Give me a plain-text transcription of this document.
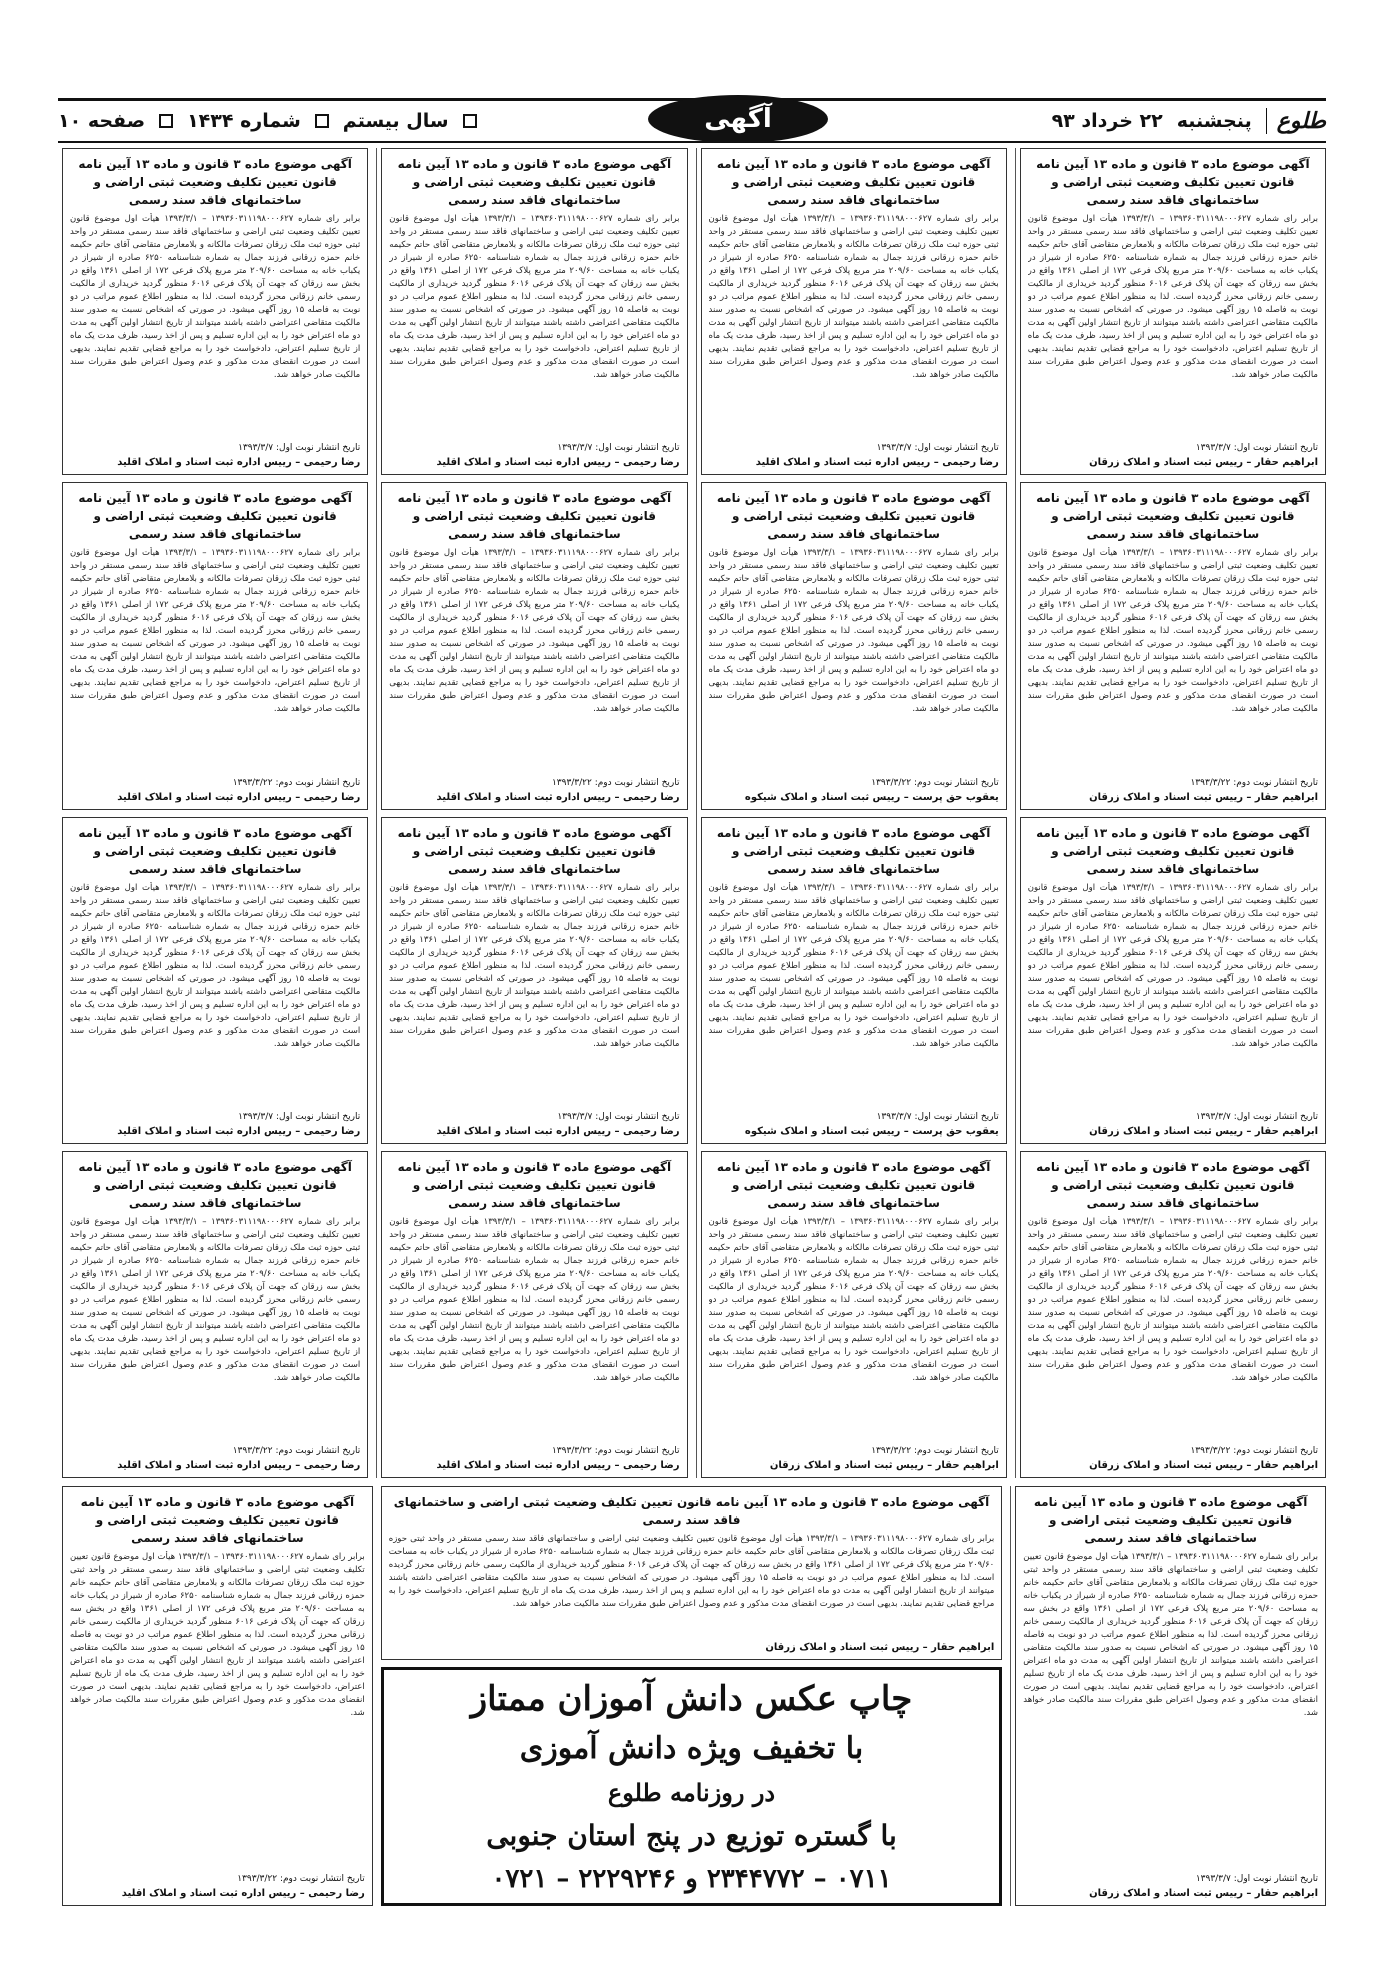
طلوع
پنجشنبه
۲۲ خرداد ۹۳
آگهی
سال بیستم
شماره ۱۴۳۴
صفحه ۱۰
آگهی موضوع ماده ۳ قانون و ماده ۱۳ آیین نامه قانون تعیین تکلیف وضعیت ثبتی اراضی و ساختمانهای فاقد سند رسمی
برابر رای شماره ۱۳۹۳۶۰۳۱۱۱۹۸۰۰۰۶۲۷ – ۱۳۹۳/۳/۱ هیأت اول موضوع قانون تعیین تکلیف وضعیت ثبتی اراضی و ساختمانهای فاقد سند رسمی مستقر در واحد ثبتی حوزه ثبت ملک زرقان تصرفات مالکانه و بلامعارض متقاضی آقای حاتم حکیمه خانم حمزه زرقانی فرزند جمال به شماره شناسنامه ۶۲۵۰ صادره از شیراز در یکباب خانه به مساحت ۲۰۹/۶۰ متر مربع پلاک فرعی ۱۷۲ از اصلی ۱۳۶۱ واقع در بخش سه زرقان که جهت آن پلاک فرعی ۶۰۱۶ منظور گردید خریداری از مالکیت رسمی خانم زرقانی محرز گردیده است. لذا به منظور اطلاع عموم مراتب در دو نوبت به فاصله ۱۵ روز آگهی میشود. در صورتی که اشخاص نسبت به صدور سند مالکیت متقاضی اعتراضی داشته باشند میتوانند از تاریخ انتشار اولین آگهی به مدت دو ماه اعتراض خود را به این اداره تسلیم و پس از اخذ رسید، ظرف مدت یک ماه از تاریخ تسلیم اعتراض، دادخواست خود را به مراجع قضایی تقدیم نمایند. بدیهی است در صورت انقضای مدت مذکور و عدم وصول اعتراض طبق مقررات سند مالکیت صادر خواهد شد.
تاریخ انتشار نوبت اول: ۱۳۹۳/۳/۷
ابراهیم حقار – رییس ثبت اسناد و املاک زرقان
آگهی موضوع ماده ۳ قانون و ماده ۱۳ آیین نامه قانون تعیین تکلیف وضعیت ثبتی اراضی و ساختمانهای فاقد سند رسمی
برابر رای شماره ۱۳۹۳۶۰۳۱۱۱۹۸۰۰۰۶۲۷ – ۱۳۹۳/۳/۱ هیأت اول موضوع قانون تعیین تکلیف وضعیت ثبتی اراضی و ساختمانهای فاقد سند رسمی مستقر در واحد ثبتی حوزه ثبت ملک زرقان تصرفات مالکانه و بلامعارض متقاضی آقای حاتم حکیمه خانم حمزه زرقانی فرزند جمال به شماره شناسنامه ۶۲۵۰ صادره از شیراز در یکباب خانه به مساحت ۲۰۹/۶۰ متر مربع پلاک فرعی ۱۷۲ از اصلی ۱۳۶۱ واقع در بخش سه زرقان که جهت آن پلاک فرعی ۶۰۱۶ منظور گردید خریداری از مالکیت رسمی خانم زرقانی محرز گردیده است. لذا به منظور اطلاع عموم مراتب در دو نوبت به فاصله ۱۵ روز آگهی میشود. در صورتی که اشخاص نسبت به صدور سند مالکیت متقاضی اعتراضی داشته باشند میتوانند از تاریخ انتشار اولین آگهی به مدت دو ماه اعتراض خود را به این اداره تسلیم و پس از اخذ رسید، ظرف مدت یک ماه از تاریخ تسلیم اعتراض، دادخواست خود را به مراجع قضایی تقدیم نمایند. بدیهی است در صورت انقضای مدت مذکور و عدم وصول اعتراض طبق مقررات سند مالکیت صادر خواهد شد.
تاریخ انتشار نوبت دوم: ۱۳۹۳/۳/۲۲
ابراهیم حقار – رییس ثبت اسناد و املاک زرقان
آگهی موضوع ماده ۳ قانون و ماده ۱۳ آیین نامه قانون تعیین تکلیف وضعیت ثبتی اراضی و ساختمانهای فاقد سند رسمی
برابر رای شماره ۱۳۹۳۶۰۳۱۱۱۹۸۰۰۰۶۲۷ – ۱۳۹۳/۳/۱ هیأت اول موضوع قانون تعیین تکلیف وضعیت ثبتی اراضی و ساختمانهای فاقد سند رسمی مستقر در واحد ثبتی حوزه ثبت ملک زرقان تصرفات مالکانه و بلامعارض متقاضی آقای حاتم حکیمه خانم حمزه زرقانی فرزند جمال به شماره شناسنامه ۶۲۵۰ صادره از شیراز در یکباب خانه به مساحت ۲۰۹/۶۰ متر مربع پلاک فرعی ۱۷۲ از اصلی ۱۳۶۱ واقع در بخش سه زرقان که جهت آن پلاک فرعی ۶۰۱۶ منظور گردید خریداری از مالکیت رسمی خانم زرقانی محرز گردیده است. لذا به منظور اطلاع عموم مراتب در دو نوبت به فاصله ۱۵ روز آگهی میشود. در صورتی که اشخاص نسبت به صدور سند مالکیت متقاضی اعتراضی داشته باشند میتوانند از تاریخ انتشار اولین آگهی به مدت دو ماه اعتراض خود را به این اداره تسلیم و پس از اخذ رسید، ظرف مدت یک ماه از تاریخ تسلیم اعتراض، دادخواست خود را به مراجع قضایی تقدیم نمایند. بدیهی است در صورت انقضای مدت مذکور و عدم وصول اعتراض طبق مقررات سند مالکیت صادر خواهد شد.
تاریخ انتشار نوبت اول: ۱۳۹۳/۳/۷
ابراهیم حقار – رییس ثبت اسناد و املاک زرقان
آگهی موضوع ماده ۳ قانون و ماده ۱۳ آیین نامه قانون تعیین تکلیف وضعیت ثبتی اراضی و ساختمانهای فاقد سند رسمی
برابر رای شماره ۱۳۹۳۶۰۳۱۱۱۹۸۰۰۰۶۲۷ – ۱۳۹۳/۳/۱ هیأت اول موضوع قانون تعیین تکلیف وضعیت ثبتی اراضی و ساختمانهای فاقد سند رسمی مستقر در واحد ثبتی حوزه ثبت ملک زرقان تصرفات مالکانه و بلامعارض متقاضی آقای حاتم حکیمه خانم حمزه زرقانی فرزند جمال به شماره شناسنامه ۶۲۵۰ صادره از شیراز در یکباب خانه به مساحت ۲۰۹/۶۰ متر مربع پلاک فرعی ۱۷۲ از اصلی ۱۳۶۱ واقع در بخش سه زرقان که جهت آن پلاک فرعی ۶۰۱۶ منظور گردید خریداری از مالکیت رسمی خانم زرقانی محرز گردیده است. لذا به منظور اطلاع عموم مراتب در دو نوبت به فاصله ۱۵ روز آگهی میشود. در صورتی که اشخاص نسبت به صدور سند مالکیت متقاضی اعتراضی داشته باشند میتوانند از تاریخ انتشار اولین آگهی به مدت دو ماه اعتراض خود را به این اداره تسلیم و پس از اخذ رسید، ظرف مدت یک ماه از تاریخ تسلیم اعتراض، دادخواست خود را به مراجع قضایی تقدیم نمایند. بدیهی است در صورت انقضای مدت مذکور و عدم وصول اعتراض طبق مقررات سند مالکیت صادر خواهد شد.
تاریخ انتشار نوبت دوم: ۱۳۹۳/۳/۲۲
ابراهیم حقار – رییس ثبت اسناد و املاک زرقان
آگهی موضوع ماده ۳ قانون و ماده ۱۳ آیین نامه قانون تعیین تکلیف وضعیت ثبتی اراضی و ساختمانهای فاقد سند رسمی
برابر رای شماره ۱۳۹۳۶۰۳۱۱۱۹۸۰۰۰۶۲۷ – ۱۳۹۳/۳/۱ هیأت اول موضوع قانون تعیین تکلیف وضعیت ثبتی اراضی و ساختمانهای فاقد سند رسمی مستقر در واحد ثبتی حوزه ثبت ملک زرقان تصرفات مالکانه و بلامعارض متقاضی آقای حاتم حکیمه خانم حمزه زرقانی فرزند جمال به شماره شناسنامه ۶۲۵۰ صادره از شیراز در یکباب خانه به مساحت ۲۰۹/۶۰ متر مربع پلاک فرعی ۱۷۲ از اصلی ۱۳۶۱ واقع در بخش سه زرقان که جهت آن پلاک فرعی ۶۰۱۶ منظور گردید خریداری از مالکیت رسمی خانم زرقانی محرز گردیده است. لذا به منظور اطلاع عموم مراتب در دو نوبت به فاصله ۱۵ روز آگهی میشود. در صورتی که اشخاص نسبت به صدور سند مالکیت متقاضی اعتراضی داشته باشند میتوانند از تاریخ انتشار اولین آگهی به مدت دو ماه اعتراض خود را به این اداره تسلیم و پس از اخذ رسید، ظرف مدت یک ماه از تاریخ تسلیم اعتراض، دادخواست خود را به مراجع قضایی تقدیم نمایند. بدیهی است در صورت انقضای مدت مذکور و عدم وصول اعتراض طبق مقررات سند مالکیت صادر خواهد شد.
تاریخ انتشار نوبت اول: ۱۳۹۳/۳/۷
رضا رحیمی – رییس اداره ثبت اسناد و املاک اقلید
آگهی موضوع ماده ۳ قانون و ماده ۱۳ آیین نامه قانون تعیین تکلیف وضعیت ثبتی اراضی و ساختمانهای فاقد سند رسمی
برابر رای شماره ۱۳۹۳۶۰۳۱۱۱۹۸۰۰۰۶۲۷ – ۱۳۹۳/۳/۱ هیأت اول موضوع قانون تعیین تکلیف وضعیت ثبتی اراضی و ساختمانهای فاقد سند رسمی مستقر در واحد ثبتی حوزه ثبت ملک زرقان تصرفات مالکانه و بلامعارض متقاضی آقای حاتم حکیمه خانم حمزه زرقانی فرزند جمال به شماره شناسنامه ۶۲۵۰ صادره از شیراز در یکباب خانه به مساحت ۲۰۹/۶۰ متر مربع پلاک فرعی ۱۷۲ از اصلی ۱۳۶۱ واقع در بخش سه زرقان که جهت آن پلاک فرعی ۶۰۱۶ منظور گردید خریداری از مالکیت رسمی خانم زرقانی محرز گردیده است. لذا به منظور اطلاع عموم مراتب در دو نوبت به فاصله ۱۵ روز آگهی میشود. در صورتی که اشخاص نسبت به صدور سند مالکیت متقاضی اعتراضی داشته باشند میتوانند از تاریخ انتشار اولین آگهی به مدت دو ماه اعتراض خود را به این اداره تسلیم و پس از اخذ رسید، ظرف مدت یک ماه از تاریخ تسلیم اعتراض، دادخواست خود را به مراجع قضایی تقدیم نمایند. بدیهی است در صورت انقضای مدت مذکور و عدم وصول اعتراض طبق مقررات سند مالکیت صادر خواهد شد.
تاریخ انتشار نوبت دوم: ۱۳۹۳/۳/۲۲
یعقوب حق پرست – رییس ثبت اسناد و املاک شیکوه
آگهی موضوع ماده ۳ قانون و ماده ۱۳ آیین نامه قانون تعیین تکلیف وضعیت ثبتی اراضی و ساختمانهای فاقد سند رسمی
برابر رای شماره ۱۳۹۳۶۰۳۱۱۱۹۸۰۰۰۶۲۷ – ۱۳۹۳/۳/۱ هیأت اول موضوع قانون تعیین تکلیف وضعیت ثبتی اراضی و ساختمانهای فاقد سند رسمی مستقر در واحد ثبتی حوزه ثبت ملک زرقان تصرفات مالکانه و بلامعارض متقاضی آقای حاتم حکیمه خانم حمزه زرقانی فرزند جمال به شماره شناسنامه ۶۲۵۰ صادره از شیراز در یکباب خانه به مساحت ۲۰۹/۶۰ متر مربع پلاک فرعی ۱۷۲ از اصلی ۱۳۶۱ واقع در بخش سه زرقان که جهت آن پلاک فرعی ۶۰۱۶ منظور گردید خریداری از مالکیت رسمی خانم زرقانی محرز گردیده است. لذا به منظور اطلاع عموم مراتب در دو نوبت به فاصله ۱۵ روز آگهی میشود. در صورتی که اشخاص نسبت به صدور سند مالکیت متقاضی اعتراضی داشته باشند میتوانند از تاریخ انتشار اولین آگهی به مدت دو ماه اعتراض خود را به این اداره تسلیم و پس از اخذ رسید، ظرف مدت یک ماه از تاریخ تسلیم اعتراض، دادخواست خود را به مراجع قضایی تقدیم نمایند. بدیهی است در صورت انقضای مدت مذکور و عدم وصول اعتراض طبق مقررات سند مالکیت صادر خواهد شد.
تاریخ انتشار نوبت اول: ۱۳۹۳/۳/۷
یعقوب حق پرست – رییس ثبت اسناد و املاک شیکوه
آگهی موضوع ماده ۳ قانون و ماده ۱۳ آیین نامه قانون تعیین تکلیف وضعیت ثبتی اراضی و ساختمانهای فاقد سند رسمی
برابر رای شماره ۱۳۹۳۶۰۳۱۱۱۹۸۰۰۰۶۲۷ – ۱۳۹۳/۳/۱ هیأت اول موضوع قانون تعیین تکلیف وضعیت ثبتی اراضی و ساختمانهای فاقد سند رسمی مستقر در واحد ثبتی حوزه ثبت ملک زرقان تصرفات مالکانه و بلامعارض متقاضی آقای حاتم حکیمه خانم حمزه زرقانی فرزند جمال به شماره شناسنامه ۶۲۵۰ صادره از شیراز در یکباب خانه به مساحت ۲۰۹/۶۰ متر مربع پلاک فرعی ۱۷۲ از اصلی ۱۳۶۱ واقع در بخش سه زرقان که جهت آن پلاک فرعی ۶۰۱۶ منظور گردید خریداری از مالکیت رسمی خانم زرقانی محرز گردیده است. لذا به منظور اطلاع عموم مراتب در دو نوبت به فاصله ۱۵ روز آگهی میشود. در صورتی که اشخاص نسبت به صدور سند مالکیت متقاضی اعتراضی داشته باشند میتوانند از تاریخ انتشار اولین آگهی به مدت دو ماه اعتراض خود را به این اداره تسلیم و پس از اخذ رسید، ظرف مدت یک ماه از تاریخ تسلیم اعتراض، دادخواست خود را به مراجع قضایی تقدیم نمایند. بدیهی است در صورت انقضای مدت مذکور و عدم وصول اعتراض طبق مقررات سند مالکیت صادر خواهد شد.
تاریخ انتشار نوبت دوم: ۱۳۹۳/۳/۲۲
ابراهیم حقار – رییس ثبت اسناد و املاک زرقان
آگهی موضوع ماده ۳ قانون و ماده ۱۳ آیین نامه قانون تعیین تکلیف وضعیت ثبتی اراضی و ساختمانهای فاقد سند رسمی
برابر رای شماره ۱۳۹۳۶۰۳۱۱۱۹۸۰۰۰۶۲۷ – ۱۳۹۳/۳/۱ هیأت اول موضوع قانون تعیین تکلیف وضعیت ثبتی اراضی و ساختمانهای فاقد سند رسمی مستقر در واحد ثبتی حوزه ثبت ملک زرقان تصرفات مالکانه و بلامعارض متقاضی آقای حاتم حکیمه خانم حمزه زرقانی فرزند جمال به شماره شناسنامه ۶۲۵۰ صادره از شیراز در یکباب خانه به مساحت ۲۰۹/۶۰ متر مربع پلاک فرعی ۱۷۲ از اصلی ۱۳۶۱ واقع در بخش سه زرقان که جهت آن پلاک فرعی ۶۰۱۶ منظور گردید خریداری از مالکیت رسمی خانم زرقانی محرز گردیده است. لذا به منظور اطلاع عموم مراتب در دو نوبت به فاصله ۱۵ روز آگهی میشود. در صورتی که اشخاص نسبت به صدور سند مالکیت متقاضی اعتراضی داشته باشند میتوانند از تاریخ انتشار اولین آگهی به مدت دو ماه اعتراض خود را به این اداره تسلیم و پس از اخذ رسید، ظرف مدت یک ماه از تاریخ تسلیم اعتراض، دادخواست خود را به مراجع قضایی تقدیم نمایند. بدیهی است در صورت انقضای مدت مذکور و عدم وصول اعتراض طبق مقررات سند مالکیت صادر خواهد شد.
تاریخ انتشار نوبت اول: ۱۳۹۳/۳/۷
رضا رحیمی – رییس اداره ثبت اسناد و املاک اقلید
آگهی موضوع ماده ۳ قانون و ماده ۱۳ آیین نامه قانون تعیین تکلیف وضعیت ثبتی اراضی و ساختمانهای فاقد سند رسمی
برابر رای شماره ۱۳۹۳۶۰۳۱۱۱۹۸۰۰۰۶۲۷ – ۱۳۹۳/۳/۱ هیأت اول موضوع قانون تعیین تکلیف وضعیت ثبتی اراضی و ساختمانهای فاقد سند رسمی مستقر در واحد ثبتی حوزه ثبت ملک زرقان تصرفات مالکانه و بلامعارض متقاضی آقای حاتم حکیمه خانم حمزه زرقانی فرزند جمال به شماره شناسنامه ۶۲۵۰ صادره از شیراز در یکباب خانه به مساحت ۲۰۹/۶۰ متر مربع پلاک فرعی ۱۷۲ از اصلی ۱۳۶۱ واقع در بخش سه زرقان که جهت آن پلاک فرعی ۶۰۱۶ منظور گردید خریداری از مالکیت رسمی خانم زرقانی محرز گردیده است. لذا به منظور اطلاع عموم مراتب در دو نوبت به فاصله ۱۵ روز آگهی میشود. در صورتی که اشخاص نسبت به صدور سند مالکیت متقاضی اعتراضی داشته باشند میتوانند از تاریخ انتشار اولین آگهی به مدت دو ماه اعتراض خود را به این اداره تسلیم و پس از اخذ رسید، ظرف مدت یک ماه از تاریخ تسلیم اعتراض، دادخواست خود را به مراجع قضایی تقدیم نمایند. بدیهی است در صورت انقضای مدت مذکور و عدم وصول اعتراض طبق مقررات سند مالکیت صادر خواهد شد.
تاریخ انتشار نوبت دوم: ۱۳۹۳/۳/۲۲
رضا رحیمی – رییس اداره ثبت اسناد و املاک اقلید
آگهی موضوع ماده ۳ قانون و ماده ۱۳ آیین نامه قانون تعیین تکلیف وضعیت ثبتی اراضی و ساختمانهای فاقد سند رسمی
برابر رای شماره ۱۳۹۳۶۰۳۱۱۱۹۸۰۰۰۶۲۷ – ۱۳۹۳/۳/۱ هیأت اول موضوع قانون تعیین تکلیف وضعیت ثبتی اراضی و ساختمانهای فاقد سند رسمی مستقر در واحد ثبتی حوزه ثبت ملک زرقان تصرفات مالکانه و بلامعارض متقاضی آقای حاتم حکیمه خانم حمزه زرقانی فرزند جمال به شماره شناسنامه ۶۲۵۰ صادره از شیراز در یکباب خانه به مساحت ۲۰۹/۶۰ متر مربع پلاک فرعی ۱۷۲ از اصلی ۱۳۶۱ واقع در بخش سه زرقان که جهت آن پلاک فرعی ۶۰۱۶ منظور گردید خریداری از مالکیت رسمی خانم زرقانی محرز گردیده است. لذا به منظور اطلاع عموم مراتب در دو نوبت به فاصله ۱۵ روز آگهی میشود. در صورتی که اشخاص نسبت به صدور سند مالکیت متقاضی اعتراضی داشته باشند میتوانند از تاریخ انتشار اولین آگهی به مدت دو ماه اعتراض خود را به این اداره تسلیم و پس از اخذ رسید، ظرف مدت یک ماه از تاریخ تسلیم اعتراض، دادخواست خود را به مراجع قضایی تقدیم نمایند. بدیهی است در صورت انقضای مدت مذکور و عدم وصول اعتراض طبق مقررات سند مالکیت صادر خواهد شد.
تاریخ انتشار نوبت اول: ۱۳۹۳/۳/۷
رضا رحیمی – رییس اداره ثبت اسناد و املاک اقلید
آگهی موضوع ماده ۳ قانون و ماده ۱۳ آیین نامه قانون تعیین تکلیف وضعیت ثبتی اراضی و ساختمانهای فاقد سند رسمی
برابر رای شماره ۱۳۹۳۶۰۳۱۱۱۹۸۰۰۰۶۲۷ – ۱۳۹۳/۳/۱ هیأت اول موضوع قانون تعیین تکلیف وضعیت ثبتی اراضی و ساختمانهای فاقد سند رسمی مستقر در واحد ثبتی حوزه ثبت ملک زرقان تصرفات مالکانه و بلامعارض متقاضی آقای حاتم حکیمه خانم حمزه زرقانی فرزند جمال به شماره شناسنامه ۶۲۵۰ صادره از شیراز در یکباب خانه به مساحت ۲۰۹/۶۰ متر مربع پلاک فرعی ۱۷۲ از اصلی ۱۳۶۱ واقع در بخش سه زرقان که جهت آن پلاک فرعی ۶۰۱۶ منظور گردید خریداری از مالکیت رسمی خانم زرقانی محرز گردیده است. لذا به منظور اطلاع عموم مراتب در دو نوبت به فاصله ۱۵ روز آگهی میشود. در صورتی که اشخاص نسبت به صدور سند مالکیت متقاضی اعتراضی داشته باشند میتوانند از تاریخ انتشار اولین آگهی به مدت دو ماه اعتراض خود را به این اداره تسلیم و پس از اخذ رسید، ظرف مدت یک ماه از تاریخ تسلیم اعتراض، دادخواست خود را به مراجع قضایی تقدیم نمایند. بدیهی است در صورت انقضای مدت مذکور و عدم وصول اعتراض طبق مقررات سند مالکیت صادر خواهد شد.
تاریخ انتشار نوبت دوم: ۱۳۹۳/۳/۲۲
رضا رحیمی – رییس اداره ثبت اسناد و املاک اقلید
آگهی موضوع ماده ۳ قانون و ماده ۱۳ آیین نامه قانون تعیین تکلیف وضعیت ثبتی اراضی و ساختمانهای فاقد سند رسمی
برابر رای شماره ۱۳۹۳۶۰۳۱۱۱۹۸۰۰۰۶۲۷ – ۱۳۹۳/۳/۱ هیأت اول موضوع قانون تعیین تکلیف وضعیت ثبتی اراضی و ساختمانهای فاقد سند رسمی مستقر در واحد ثبتی حوزه ثبت ملک زرقان تصرفات مالکانه و بلامعارض متقاضی آقای حاتم حکیمه خانم حمزه زرقانی فرزند جمال به شماره شناسنامه ۶۲۵۰ صادره از شیراز در یکباب خانه به مساحت ۲۰۹/۶۰ متر مربع پلاک فرعی ۱۷۲ از اصلی ۱۳۶۱ واقع در بخش سه زرقان که جهت آن پلاک فرعی ۶۰۱۶ منظور گردید خریداری از مالکیت رسمی خانم زرقانی محرز گردیده است. لذا به منظور اطلاع عموم مراتب در دو نوبت به فاصله ۱۵ روز آگهی میشود. در صورتی که اشخاص نسبت به صدور سند مالکیت متقاضی اعتراضی داشته باشند میتوانند از تاریخ انتشار اولین آگهی به مدت دو ماه اعتراض خود را به این اداره تسلیم و پس از اخذ رسید، ظرف مدت یک ماه از تاریخ تسلیم اعتراض، دادخواست خود را به مراجع قضایی تقدیم نمایند. بدیهی است در صورت انقضای مدت مذکور و عدم وصول اعتراض طبق مقررات سند مالکیت صادر خواهد شد.
تاریخ انتشار نوبت اول: ۱۳۹۳/۳/۷
رضا رحیمی – رییس اداره ثبت اسناد و املاک اقلید
آگهی موضوع ماده ۳ قانون و ماده ۱۳ آیین نامه قانون تعیین تکلیف وضعیت ثبتی اراضی و ساختمانهای فاقد سند رسمی
برابر رای شماره ۱۳۹۳۶۰۳۱۱۱۹۸۰۰۰۶۲۷ – ۱۳۹۳/۳/۱ هیأت اول موضوع قانون تعیین تکلیف وضعیت ثبتی اراضی و ساختمانهای فاقد سند رسمی مستقر در واحد ثبتی حوزه ثبت ملک زرقان تصرفات مالکانه و بلامعارض متقاضی آقای حاتم حکیمه خانم حمزه زرقانی فرزند جمال به شماره شناسنامه ۶۲۵۰ صادره از شیراز در یکباب خانه به مساحت ۲۰۹/۶۰ متر مربع پلاک فرعی ۱۷۲ از اصلی ۱۳۶۱ واقع در بخش سه زرقان که جهت آن پلاک فرعی ۶۰۱۶ منظور گردید خریداری از مالکیت رسمی خانم زرقانی محرز گردیده است. لذا به منظور اطلاع عموم مراتب در دو نوبت به فاصله ۱۵ روز آگهی میشود. در صورتی که اشخاص نسبت به صدور سند مالکیت متقاضی اعتراضی داشته باشند میتوانند از تاریخ انتشار اولین آگهی به مدت دو ماه اعتراض خود را به این اداره تسلیم و پس از اخذ رسید، ظرف مدت یک ماه از تاریخ تسلیم اعتراض، دادخواست خود را به مراجع قضایی تقدیم نمایند. بدیهی است در صورت انقضای مدت مذکور و عدم وصول اعتراض طبق مقررات سند مالکیت صادر خواهد شد.
تاریخ انتشار نوبت دوم: ۱۳۹۳/۳/۲۲
رضا رحیمی – رییس اداره ثبت اسناد و املاک اقلید
آگهی موضوع ماده ۳ قانون و ماده ۱۳ آیین نامه قانون تعیین تکلیف وضعیت ثبتی اراضی و ساختمانهای فاقد سند رسمی
برابر رای شماره ۱۳۹۳۶۰۳۱۱۱۹۸۰۰۰۶۲۷ – ۱۳۹۳/۳/۱ هیأت اول موضوع قانون تعیین تکلیف وضعیت ثبتی اراضی و ساختمانهای فاقد سند رسمی مستقر در واحد ثبتی حوزه ثبت ملک زرقان تصرفات مالکانه و بلامعارض متقاضی آقای حاتم حکیمه خانم حمزه زرقانی فرزند جمال به شماره شناسنامه ۶۲۵۰ صادره از شیراز در یکباب خانه به مساحت ۲۰۹/۶۰ متر مربع پلاک فرعی ۱۷۲ از اصلی ۱۳۶۱ واقع در بخش سه زرقان که جهت آن پلاک فرعی ۶۰۱۶ منظور گردید خریداری از مالکیت رسمی خانم زرقانی محرز گردیده است. لذا به منظور اطلاع عموم مراتب در دو نوبت به فاصله ۱۵ روز آگهی میشود. در صورتی که اشخاص نسبت به صدور سند مالکیت متقاضی اعتراضی داشته باشند میتوانند از تاریخ انتشار اولین آگهی به مدت دو ماه اعتراض خود را به این اداره تسلیم و پس از اخذ رسید، ظرف مدت یک ماه از تاریخ تسلیم اعتراض، دادخواست خود را به مراجع قضایی تقدیم نمایند. بدیهی است در صورت انقضای مدت مذکور و عدم وصول اعتراض طبق مقررات سند مالکیت صادر خواهد شد.
تاریخ انتشار نوبت اول: ۱۳۹۳/۳/۷
رضا رحیمی – رییس اداره ثبت اسناد و املاک اقلید
آگهی موضوع ماده ۳ قانون و ماده ۱۳ آیین نامه قانون تعیین تکلیف وضعیت ثبتی اراضی و ساختمانهای فاقد سند رسمی
برابر رای شماره ۱۳۹۳۶۰۳۱۱۱۹۸۰۰۰۶۲۷ – ۱۳۹۳/۳/۱ هیأت اول موضوع قانون تعیین تکلیف وضعیت ثبتی اراضی و ساختمانهای فاقد سند رسمی مستقر در واحد ثبتی حوزه ثبت ملک زرقان تصرفات مالکانه و بلامعارض متقاضی آقای حاتم حکیمه خانم حمزه زرقانی فرزند جمال به شماره شناسنامه ۶۲۵۰ صادره از شیراز در یکباب خانه به مساحت ۲۰۹/۶۰ متر مربع پلاک فرعی ۱۷۲ از اصلی ۱۳۶۱ واقع در بخش سه زرقان که جهت آن پلاک فرعی ۶۰۱۶ منظور گردید خریداری از مالکیت رسمی خانم زرقانی محرز گردیده است. لذا به منظور اطلاع عموم مراتب در دو نوبت به فاصله ۱۵ روز آگهی میشود. در صورتی که اشخاص نسبت به صدور سند مالکیت متقاضی اعتراضی داشته باشند میتوانند از تاریخ انتشار اولین آگهی به مدت دو ماه اعتراض خود را به این اداره تسلیم و پس از اخذ رسید، ظرف مدت یک ماه از تاریخ تسلیم اعتراض، دادخواست خود را به مراجع قضایی تقدیم نمایند. بدیهی است در صورت انقضای مدت مذکور و عدم وصول اعتراض طبق مقررات سند مالکیت صادر خواهد شد.
تاریخ انتشار نوبت دوم: ۱۳۹۳/۳/۲۲
رضا رحیمی – رییس اداره ثبت اسناد و املاک اقلید
آگهی موضوع ماده ۳ قانون و ماده ۱۳ آیین نامه قانون تعیین تکلیف وضعیت ثبتی اراضی و ساختمانهای فاقد سند رسمی
برابر رای شماره ۱۳۹۳۶۰۳۱۱۱۹۸۰۰۰۶۲۷ – ۱۳۹۳/۳/۱ هیأت اول موضوع قانون تعیین تکلیف وضعیت ثبتی اراضی و ساختمانهای فاقد سند رسمی مستقر در واحد ثبتی حوزه ثبت ملک زرقان تصرفات مالکانه و بلامعارض متقاضی آقای حاتم حکیمه خانم حمزه زرقانی فرزند جمال به شماره شناسنامه ۶۲۵۰ صادره از شیراز در یکباب خانه به مساحت ۲۰۹/۶۰ متر مربع پلاک فرعی ۱۷۲ از اصلی ۱۳۶۱ واقع در بخش سه زرقان که جهت آن پلاک فرعی ۶۰۱۶ منظور گردید خریداری از مالکیت رسمی خانم زرقانی محرز گردیده است. لذا به منظور اطلاع عموم مراتب در دو نوبت به فاصله ۱۵ روز آگهی میشود. در صورتی که اشخاص نسبت به صدور سند مالکیت متقاضی اعتراضی داشته باشند میتوانند از تاریخ انتشار اولین آگهی به مدت دو ماه اعتراض خود را به این اداره تسلیم و پس از اخذ رسید، ظرف مدت یک ماه از تاریخ تسلیم اعتراض، دادخواست خود را به مراجع قضایی تقدیم نمایند. بدیهی است در صورت انقضای مدت مذکور و عدم وصول اعتراض طبق مقررات سند مالکیت صادر خواهد شد.
تاریخ انتشار نوبت اول: ۱۳۹۳/۳/۷
ابراهیم حقار – رییس ثبت اسناد و املاک زرقان
آگهی موضوع ماده ۳ قانون و ماده ۱۳ آیین نامه قانون تعیین تکلیف وضعیت ثبتی اراضی و ساختمانهای فاقد سند رسمی
برابر رای شماره ۱۳۹۳۶۰۳۱۱۱۹۸۰۰۰۶۲۷ – ۱۳۹۳/۳/۱ هیأت اول موضوع قانون تعیین تکلیف وضعیت ثبتی اراضی و ساختمانهای فاقد سند رسمی مستقر در واحد ثبتی حوزه ثبت ملک زرقان تصرفات مالکانه و بلامعارض متقاضی آقای حاتم حکیمه خانم حمزه زرقانی فرزند جمال به شماره شناسنامه ۶۲۵۰ صادره از شیراز در یکباب خانه به مساحت ۲۰۹/۶۰ متر مربع پلاک فرعی ۱۷۲ از اصلی ۱۳۶۱ واقع در بخش سه زرقان که جهت آن پلاک فرعی ۶۰۱۶ منظور گردید خریداری از مالکیت رسمی خانم زرقانی محرز گردیده است. لذا به منظور اطلاع عموم مراتب در دو نوبت به فاصله ۱۵ روز آگهی میشود. در صورتی که اشخاص نسبت به صدور سند مالکیت متقاضی اعتراضی داشته باشند میتوانند از تاریخ انتشار اولین آگهی به مدت دو ماه اعتراض خود را به این اداره تسلیم و پس از اخذ رسید، ظرف مدت یک ماه از تاریخ تسلیم اعتراض، دادخواست خود را به مراجع قضایی تقدیم نمایند. بدیهی است در صورت انقضای مدت مذکور و عدم وصول اعتراض طبق مقررات سند مالکیت صادر خواهد شد.
ابراهیم حقار – رییس ثبت اسناد و املاک زرقان
چاپ عکس دانش آموزان ممتاز
با تخفیف ویژه دانش آموزی
در روزنامه طلوع
با گستره توزیع در پنج استان جنوبی
۰۷۱۱ – ۲۳۴۴۷۷۲ و ۲۲۲۹۲۴۶ – ۰۷۲۱
آگهی موضوع ماده ۳ قانون و ماده ۱۳ آیین نامه قانون تعیین تکلیف وضعیت ثبتی اراضی و ساختمانهای فاقد سند رسمی
برابر رای شماره ۱۳۹۳۶۰۳۱۱۱۹۸۰۰۰۶۲۷ – ۱۳۹۳/۳/۱ هیأت اول موضوع قانون تعیین تکلیف وضعیت ثبتی اراضی و ساختمانهای فاقد سند رسمی مستقر در واحد ثبتی حوزه ثبت ملک زرقان تصرفات مالکانه و بلامعارض متقاضی آقای حاتم حکیمه خانم حمزه زرقانی فرزند جمال به شماره شناسنامه ۶۲۵۰ صادره از شیراز در یکباب خانه به مساحت ۲۰۹/۶۰ متر مربع پلاک فرعی ۱۷۲ از اصلی ۱۳۶۱ واقع در بخش سه زرقان که جهت آن پلاک فرعی ۶۰۱۶ منظور گردید خریداری از مالکیت رسمی خانم زرقانی محرز گردیده است. لذا به منظور اطلاع عموم مراتب در دو نوبت به فاصله ۱۵ روز آگهی میشود. در صورتی که اشخاص نسبت به صدور سند مالکیت متقاضی اعتراضی داشته باشند میتوانند از تاریخ انتشار اولین آگهی به مدت دو ماه اعتراض خود را به این اداره تسلیم و پس از اخذ رسید، ظرف مدت یک ماه از تاریخ تسلیم اعتراض، دادخواست خود را به مراجع قضایی تقدیم نمایند. بدیهی است در صورت انقضای مدت مذکور و عدم وصول اعتراض طبق مقررات سند مالکیت صادر خواهد شد.
تاریخ انتشار نوبت دوم: ۱۳۹۳/۳/۲۲
رضا رحیمی – رییس اداره ثبت اسناد و املاک اقلید
